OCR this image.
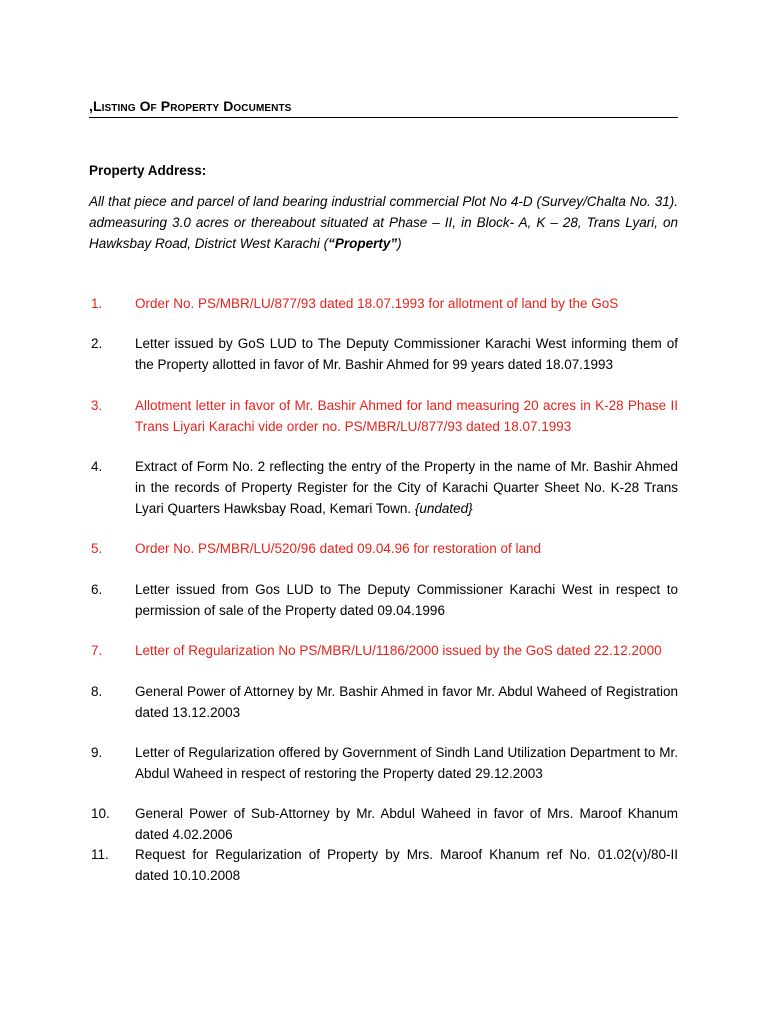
,Listing Of Property Documents
Property Address:
All that piece and parcel of land bearing industrial commercial Plot No 4-D (Survey/Chalta No. 31). admeasuring 3.0 acres or thereabout situated at Phase – II, in Block- A, K – 28, Trans Lyari, on Hawksbay Road, District West Karachi (“Property”)
1.	Order No. PS/MBR/LU/877/93 dated 18.07.1993 for allotment of land by the GoS
2.	Letter issued by GoS LUD to The Deputy Commissioner Karachi West informing them of the Property allotted in favor of Mr. Bashir Ahmed for 99 years dated 18.07.1993
3.	Allotment letter in favor of Mr. Bashir Ahmed for land measuring 20 acres in K-28 Phase II Trans Liyari Karachi vide order no. PS/MBR/LU/877/93 dated 18.07.1993
4.	Extract of Form No. 2 reflecting the entry of the Property in the name of Mr. Bashir Ahmed in the records of Property Register for the City of Karachi Quarter Sheet No. K-28 Trans Lyari Quarters Hawksbay Road, Kemari Town. {undated}
5.	Order No. PS/MBR/LU/520/96 dated 09.04.96 for restoration of land
6.	Letter issued from Gos LUD to The Deputy Commissioner Karachi West in respect to permission of sale of the Property dated 09.04.1996
7.	Letter of Regularization No PS/MBR/LU/1186/2000 issued by the GoS dated 22.12.2000
8.	General Power of Attorney by Mr. Bashir Ahmed in favor Mr. Abdul Waheed of Registration dated 13.12.2003
9.	Letter of Regularization offered by Government of Sindh Land Utilization Department to Mr. Abdul Waheed in respect of restoring the Property dated 29.12.2003
10.	General Power of Sub-Attorney by Mr. Abdul Waheed in favor of Mrs. Maroof Khanum dated 4.02.2006
11.	Request for Regularization of Property by Mrs. Maroof Khanum ref No. 01.02(v)/80-II dated 10.10.2008
